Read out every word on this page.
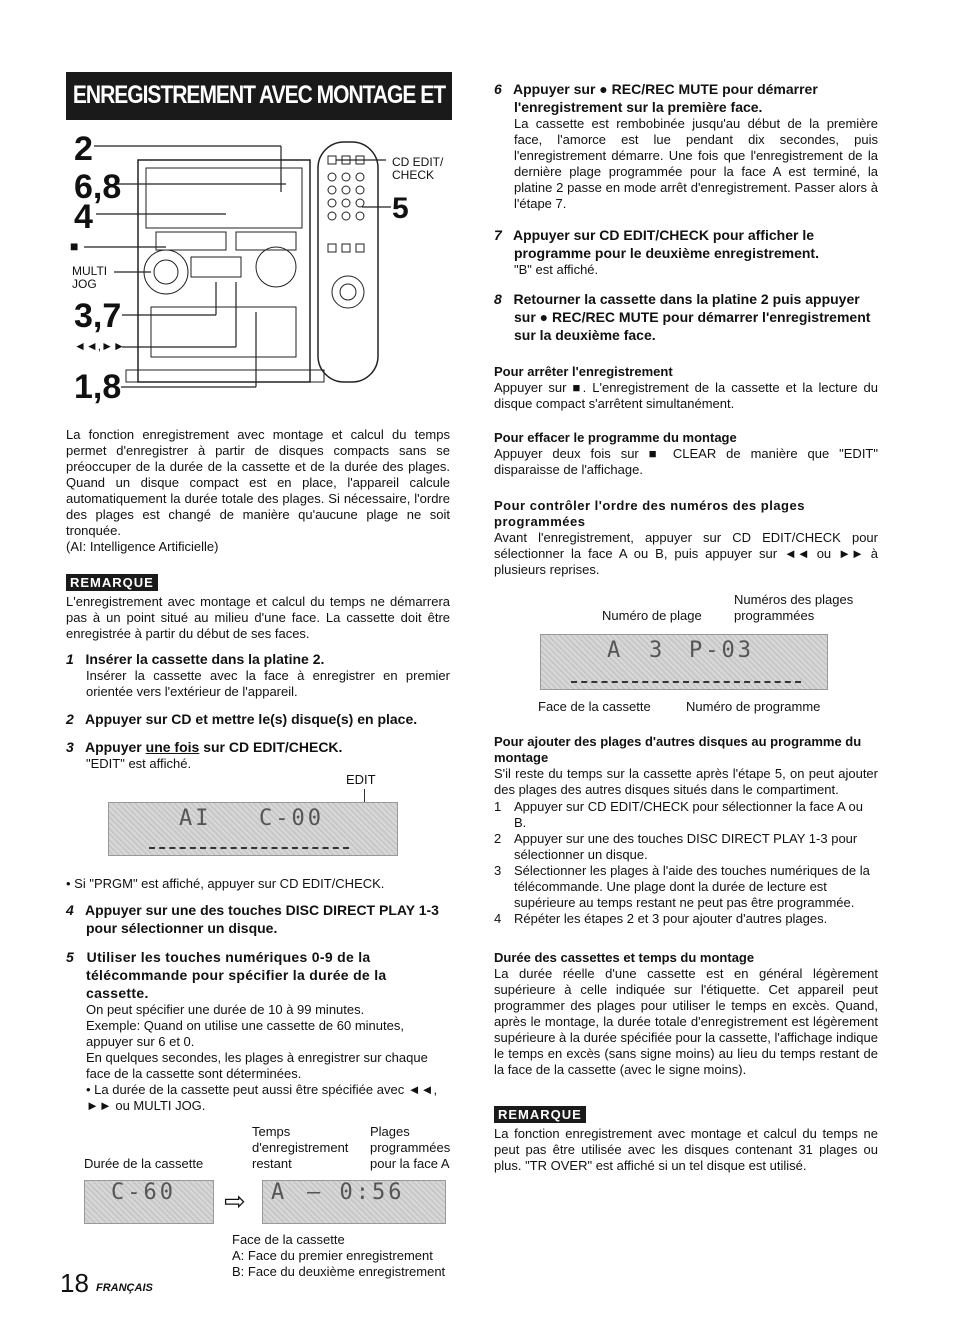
ENREGISTREMENT AVEC MONTAGE ET CALCUL DU TEMPS
2
6,8
4
■
MULTI JOG
3,7
◄◄,►►
1,8
CD EDIT/ CHECK
5

La fonction enregistrement avec montage et calcul du temps permet d'enregistrer à partir de disques compacts sans se préoccuper de la durée de la cassette et de la durée des plages. Quand un disque compact est en place, l'appareil calcule automatiquement la durée totale des plages. Si nécessaire, l'ordre des plages est changé de manière qu'aucune plage ne soit tronquée.

(AI: Intelligence Artificielle)

REMARQUE

L'enregistrement avec montage et calcul du temps ne démarrera pas à un point situé au milieu d'une face. La cassette doit être enregistrée à partir du début de ses faces.

1 Insérer la cassette dans la platine 2.

Insérer la cassette avec la face à enregistrer en premier orientée vers l'extérieur de l'appareil.

2 Appuyer sur CD et mettre le(s) disque(s) en place.
3 Appuyer une fois sur CD EDIT/CHECK.

"EDIT" est affiché.

EDIT
AI C-00
• Si "PRGM" est affiché, appuyer sur CD EDIT/CHECK.
4 Appuyer sur une des touches DISC DIRECT PLAY 1-3 pour sélectionner un disque.
5 Utiliser les touches numériques 0-9 de la télécommande pour spécifier la durée de la cassette.

On peut spécifier une durée de 10 à 99 minutes.

Exemple: Quand on utilise une cassette de 60 minutes, appuyer sur 6 et 0.

En quelques secondes, les plages à enregistrer sur chaque face de la cassette sont déterminées.

• La durée de la cassette peut aussi être spécifiée avec ◄◄, ►► ou MULTI JOG.

Durée de la cassette
Temps d'enregistrement restant
Plages programmées pour la face A
C-60 ⇨ A — 0:56
Face de la cassette
A: Face du premier enregistrement
B: Face du deuxième enregistrement
6 Appuyer sur ● REC/REC MUTE pour démarrer l'enregistrement sur la première face.

La cassette est rembobinée jusqu'au début de la première face, l'amorce est lue pendant dix secondes, puis l'enregistrement démarre. Une fois que l'enregistrement de la dernière plage programmée pour la face A est terminé, la platine 2 passe en mode arrêt d'enregistrement. Passer alors à l'étape 7.

7 Appuyer sur CD EDIT/CHECK pour afficher le programme pour le deuxième enregistrement.

"B" est affiché.

8 Retourner la cassette dans la platine 2 puis appuyer sur ● REC/REC MUTE pour démarrer l'enregistrement sur la deuxième face.
Pour arrêter l'enregistrement

Appuyer sur ■. L'enregistrement de la cassette et la lecture du disque compact s'arrêtent simultanément.

Pour effacer le programme du montage

Appuyer deux fois sur ■ CLEAR de manière que "EDIT" disparaisse de l'affichage.

Pour contrôler l'ordre des numéros des plages programmées

Avant l'enregistrement, appuyer sur CD EDIT/CHECK pour sélectionner la face A ou B, puis appuyer sur ◄◄ ou ►► à plusieurs reprises.

Numéros des plages programmées
Numéro de plage
A 3 P-03
Face de la cassette	Numéro de programme
Pour ajouter des plages d'autres disques au programme du montage

S'il reste du temps sur la cassette après l'étape 5, on peut ajouter des plages des autres disques situés dans le compartiment.

1 Appuyer sur CD EDIT/CHECK pour sélectionner la face A ou B.
2 Appuyer sur une des touches DISC DIRECT PLAY 1-3 pour sélectionner un disque.
3 Sélectionner les plages à l'aide des touches numériques de la télécommande. Une plage dont la durée de lecture est supérieure au temps restant ne peut pas être programmée.
4 Répéter les étapes 2 et 3 pour ajouter d'autres plages.
Durée des cassettes et temps du montage

La durée réelle d'une cassette est en général légèrement supérieure à celle indiquée sur l'étiquette. Cet appareil peut programmer des plages pour utiliser le temps en excès. Quand, après le montage, la durée totale d'enregistrement est légèrement supérieure à la durée spécifiée pour la cassette, l'affichage indique le temps en excès (sans signe moins) au lieu du temps restant de la face de la cassette (avec le signe moins).

REMARQUE

La fonction enregistrement avec montage et calcul du temps ne peut pas être utilisée avec les disques contenant 31 plages ou plus. "TR OVER" est affiché si un tel disque est utilisé.

18 FRANÇAIS
